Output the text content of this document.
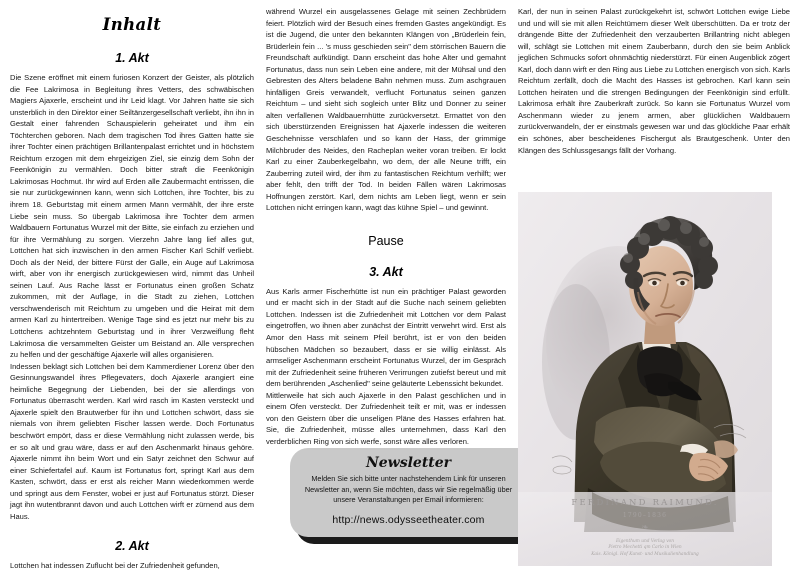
Inhalt
1. Akt

Die Szene eröffnet mit einem furiosen Konzert der Geister, als plötzlich die Fee Lakrimosa in Begleitung ihres Vetters, des schwäbischen Magiers Ajaxerle, erscheint und ihr Leid klagt. Vor Jahren hatte sie sich unsterblich in den Direktor einer Seiltänzergesellschaft verliebt, ihn ihn in Gestalt einer fahrenden Schauspielerin geheiratet und ihm ein Töchterchen geboren. Nach dem tragischen Tod ihres Gatten hatte sie ihrer Tochter einen prächtigen Brillantenpalast errichtet und in höchstem Reichtum erzogen mit dem ehrgeizigen Ziel, sie einzig dem Sohn der Feenkönigin zu vermählen. Doch bitter straft die Feenkönigin Lakrimosas Hochmut. Ihr wird auf Erden alle Zaubermacht entrissen, die sie nur zurückgewinnen kann, wenn sich Lottchen, ihre Tochter, bis zu ihrem 18. Geburtstag mit einem armen Mann vermählt, der ihre erste Liebe sein muss. So übergab Lakrimosa ihre Tochter dem armen Waldbauern Fortunatus Wurzel mit der Bitte, sie einfach zu erziehen und für ihre Vermählung zu sorgen. Vierzehn Jahre lang lief alles gut, Lottchen hat sich inzwischen in den armen Fischer Karl Schilf verliebt. Doch als der Neid, der bittere Fürst der Galle, ein Auge auf Lakrimosa wirft, aber von ihr energisch zurückgewiesen wird, nimmt das Unheil seinen Lauf. Aus Rache lässt er Fortunatus einen großen Schatz zukommen, mit der Auflage, in die Stadt zu ziehen, Lottchen verschwenderisch mit Reichtum zu umgeben und die Heirat mit dem armen Karl zu hintertreiben. Wenige Tage sind es jetzt nur mehr bis zu Lottchens achtzehntem Geburtstag und in ihrer Verzweiflung fleht Lakrimosa die versammelten Geister um Beistand an. Alle versprechen zu helfen und der geschäftige Ajaxerle will alles organisieren.

Indessen beklagt sich Lottchen bei dem Kammerdiener Lorenz über den Gesinnungswandel ihres Pflegevaters, doch Ajaxerle arangiert eine heimliche Begegnung der Liebenden, bei der sie allerdings von Fortunatus überrascht werden. Karl wird rasch im Kasten versteckt und Ajaxerle spielt den Brautwerber für ihn und Lottchen schwört, dass sie niemals von ihrem geliebten Fischer lassen werde. Doch Fortunatus beschwört empört, dass er diese Vermählung nicht zulassen werde, bis er so alt und grau wäre, dass er auf den Aschenmarkt hinaus gehöre. Ajaxerle nimmt ihn beim Wort und ein Satyr zeichnet den Schwur auf einer Schiefertafel auf. Kaum ist Fortunatus fort, springt Karl aus dem Kasten, schwört, dass er erst als reicher Mann wiederkommen werde und springt aus dem Fenster, wobei er just auf Fortunatus stürzt. Dieser jagt ihn wutentbrannt davon und auch Lottchen wirft er zürnend aus dem Haus.

2. Akt

Lottchen hat indessen Zuflucht bei der Zufriedenheit gefunden,

während Wurzel ein ausgelassenes Gelage mit seinen Zechbrüdern feiert. Plötzlich wird der Besuch eines fremden Gastes angekündigt. Es ist die Jugend, die unter den bekannten Klängen von „Brüderlein fein, Brüderlein fein ... 's muss geschieden sein" dem störrischen Bauern die Freundschaft aufkündigt. Dann erscheint das hohe Alter und gemahnt Fortunatus, dass nun sein Leben eine andere, mit der Mühsal und den Gebresten des Alters beladene Bahn nehmen muss. Zum aschgrauen hinfälligen Greis verwandelt, verflucht Fortunatus seinen ganzen Reichtum – und sieht sich sogleich unter Blitz und Donner zu seiner alten verfallenen Waldbauernhütte zurückversetzt. Ermattet von den sich überstürzenden Ereignissen hat Ajaxerle indessen die weiteren Geschehnisse verschlafen und so kann der Hass, der grimmige Milchbruder des Neides, den Racheplan weiter voran treiben. Er lockt Karl zu einer Zauberkegelbahn, wo dem, der alle Neune trifft, ein Zauberring zuteil wird, der ihm zu fantastischen Reichtum verhilft; wer aber fehlt, den trifft der Tod. In beiden Fällen wären Lakrimosas Hoffnungen zerstört. Karl, dem nichts am Leben liegt, wenn er sein Lottchen nicht erringen kann, wagt das kühne Spiel – und gewinnt.

Pause
3. Akt

Aus Karls armer Fischerhütte ist nun ein prächtiger Palast geworden und er macht sich in der Stadt auf die Suche nach seinem geliebten Lottchen. Indessen ist die Zufriedenheit mit Lottchen vor dem Palast eingetroffen, wo ihnen aber zunächst der Eintritt verwehrt wird. Erst als Amor den Hass mit seinem Pfeil berührt, ist er von den beiden hübschen Mädchen so bezaubert, dass er sie willig einlässt. Als armseliger Aschenmann erscheint Fortunatus Wurzel, der im Gespräch mit der Zufriedenheit seine früheren Verirrungen zutiefst bereut und mit dem berührenden „Aschenlied" seine geläuterte Lebenssicht bekundet.

Mittlerweile hat sich auch Ajaxerle in den Palast geschlichen und in einem Ofen versteckt. Der Zufriedenheit teilt er mit, was er indessen von den Geistern über die unseligen Pläne des Hasses erfahren hat. Sie, die Zufriedenheit, müsse alles unternehmen, dass Karl den verderblichen Ring von sich werfe, sonst wäre alles verloren.

Newsletter
Melden Sie sich bitte unter nachstehendem Link für unseren Newsletter an, wenn Sie möchten, dass wir Sie regelmäßig über unsere Veranstaltungen per Email informieren:
http://news.odysseetheater.com

Karl, der nun in seinen Palast zurückgekehrt ist, schwört Lottchen ewige Liebe und und will sie mit allen Reichtümern dieser Welt überschütten. Da er trotz der drängende Bitte der Zufriedenheit den verzauberten Brillantring nicht ablegen will, schlägt sie Lottchen mit einem Zauberbann, durch den sie beim Anblick jeglichen Schmucks sofort ohnmächtig niederstürzt. Für einen Augenblick zögert Karl, doch dann wirft er den Ring aus Liebe zu Lottchen energisch von sich. Karls Reichtum zerfällt, doch die Macht des Hasses ist gebrochen. Karl kann sein Lottchen heiraten und die strengen Bedingungen der Feenkönigin sind erfüllt. Lakrimosa erhält ihre Zauberkraft zurück. So kann sie Fortunatus Wurzel vom Aschenmann wieder zu jenem armen, aber glücklichen Waldbauern zurückverwandeln, der er einstmals gewesen war und das glückliche Paar erhält ein schönes, aber bescheidenes Fischergut als Brautgeschenk. Unter den Klängen des Schlussgesangs fällt der Vorhang.

FERDINAND RAIMUND.
1790–1836
❧
Eigenthum und Verlag von
Pietro Mechetti qm Carlo in Wien
Kais. Königl. Hof Kunst- und Musikalienhandlung
